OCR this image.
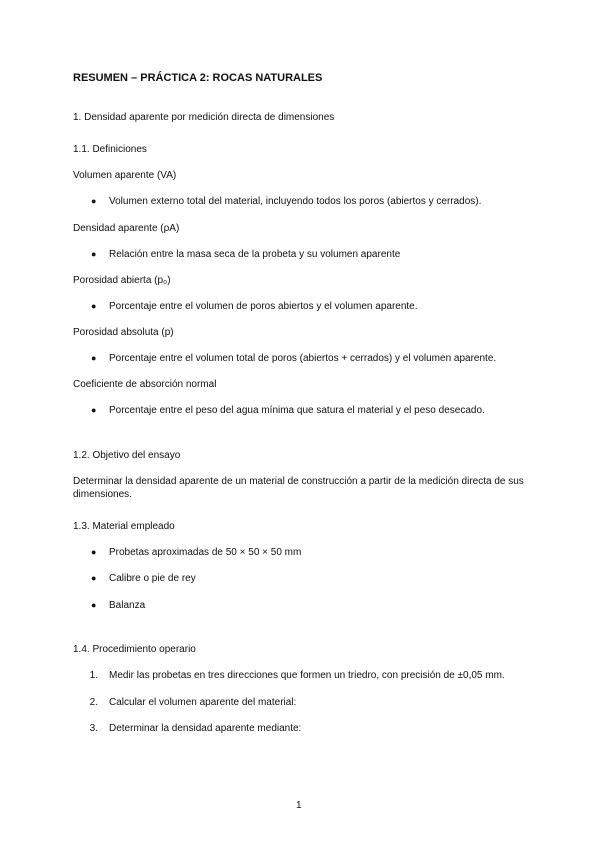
RESUMEN – PRÁCTICA 2: ROCAS NATURALES
1. Densidad aparente por medición directa de dimensiones
1.1. Definiciones
Volumen aparente (VA)
● Volumen externo total del material, incluyendo todos los poros (abiertos y cerrados).
Densidad aparente (ρA)
● Relación entre la masa seca de la probeta y su volumen aparente
Porosidad abierta (p₀)
● Porcentaje entre el volumen de poros abiertos y el volumen aparente.
Porosidad absoluta (p)
● Porcentaje entre el volumen total de poros (abiertos + cerrados) y el volumen aparente.
Coeficiente de absorción normal
● Porcentaje entre el peso del agua mínima que satura el material y el peso desecado.
1.2. Objetivo del ensayo
Determinar la densidad aparente de un material de construcción a partir de la medición directa de sus dimensiones.
1.3. Material empleado
● Probetas aproximadas de 50 × 50 × 50 mm
● Calibre o pie de rey
● Balanza
1.4. Procedimiento operario
1. Medir las probetas en tres direcciones que formen un triedro, con precisión de ±0,05 mm.
2. Calcular el volumen aparente del material:
3. Determinar la densidad aparente mediante:
1
